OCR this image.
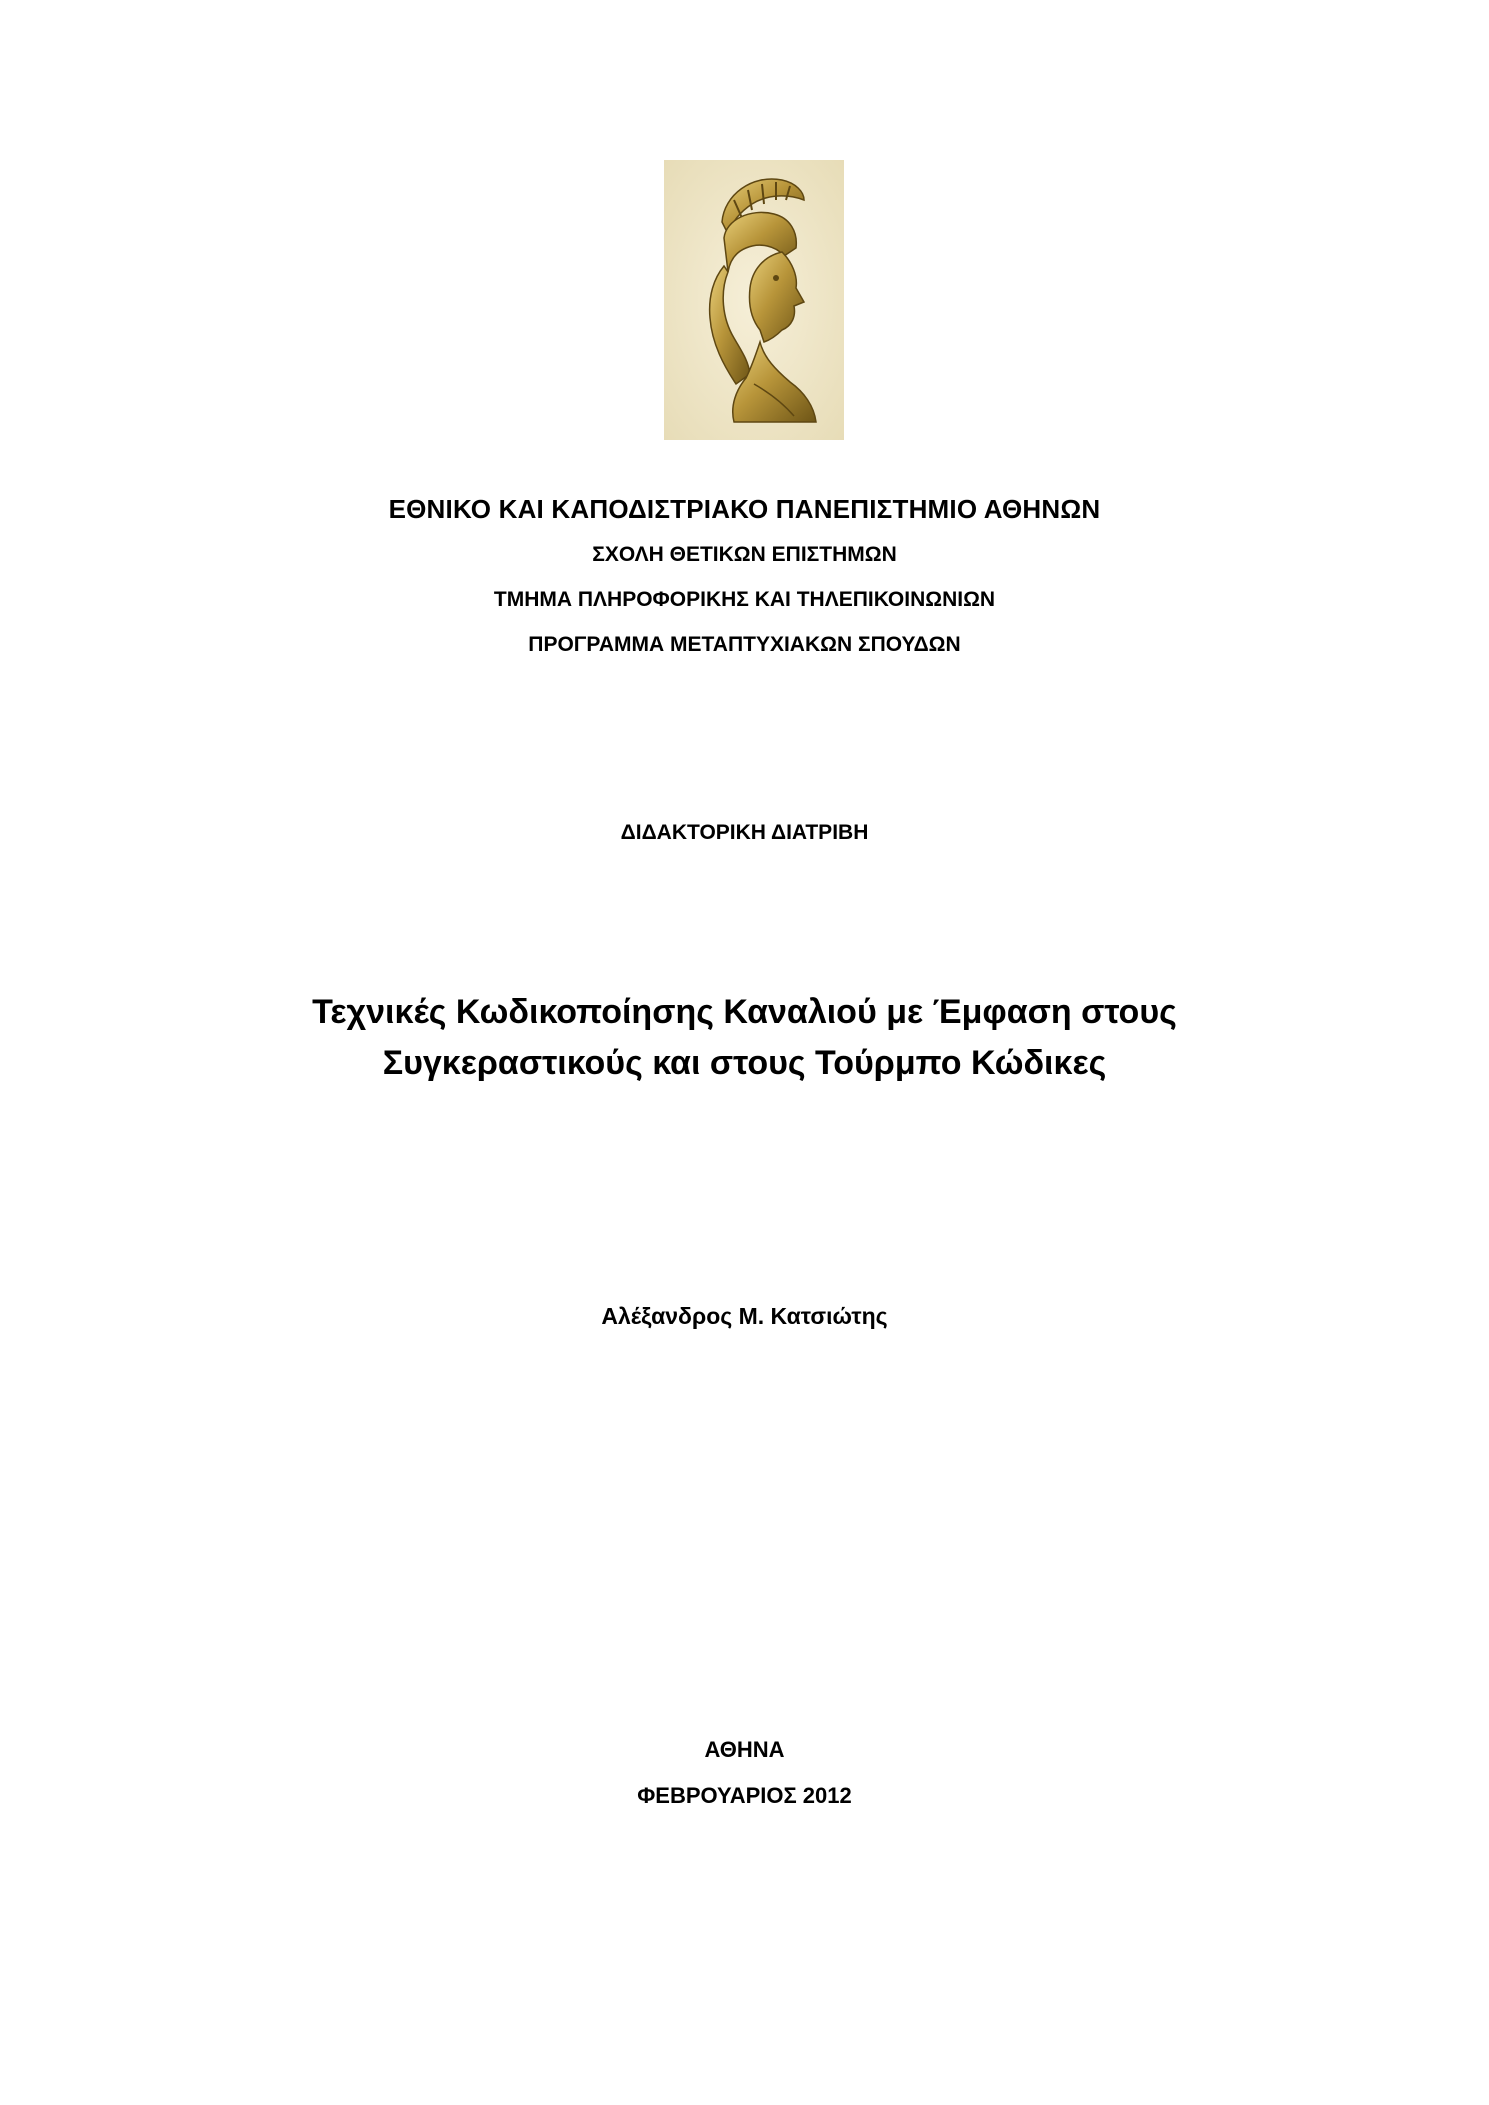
ΕΘΝΙΚΟ ΚΑΙ ΚΑΠΟΔΙΣΤΡΙΑΚΟ ΠΑΝΕΠΙΣΤΗΜΙΟ ΑΘΗΝΩΝ
ΣΧΟΛΗ ΘΕΤΙΚΩΝ ΕΠΙΣΤΗΜΩΝ
ΤΜΗΜΑ ΠΛΗΡΟΦΟΡΙΚΗΣ ΚΑΙ ΤΗΛΕΠΙΚΟΙΝΩΝΙΩΝ
ΠΡΟΓΡΑΜΜΑ ΜΕΤΑΠΤΥΧΙΑΚΩΝ ΣΠΟΥΔΩΝ
ΔΙΔΑΚΤΟΡΙΚΗ ΔΙΑΤΡΙΒΗ
Τεχνικές Κωδικοποίησης Καναλιού με Έμφαση στους
Συγκεραστικούς και στους Τούρμπο Κώδικες
Αλέξανδρος Μ. Κατσιώτης
ΑΘΗΝΑ
ΦΕΒΡΟΥΑΡΙΟΣ 2012
